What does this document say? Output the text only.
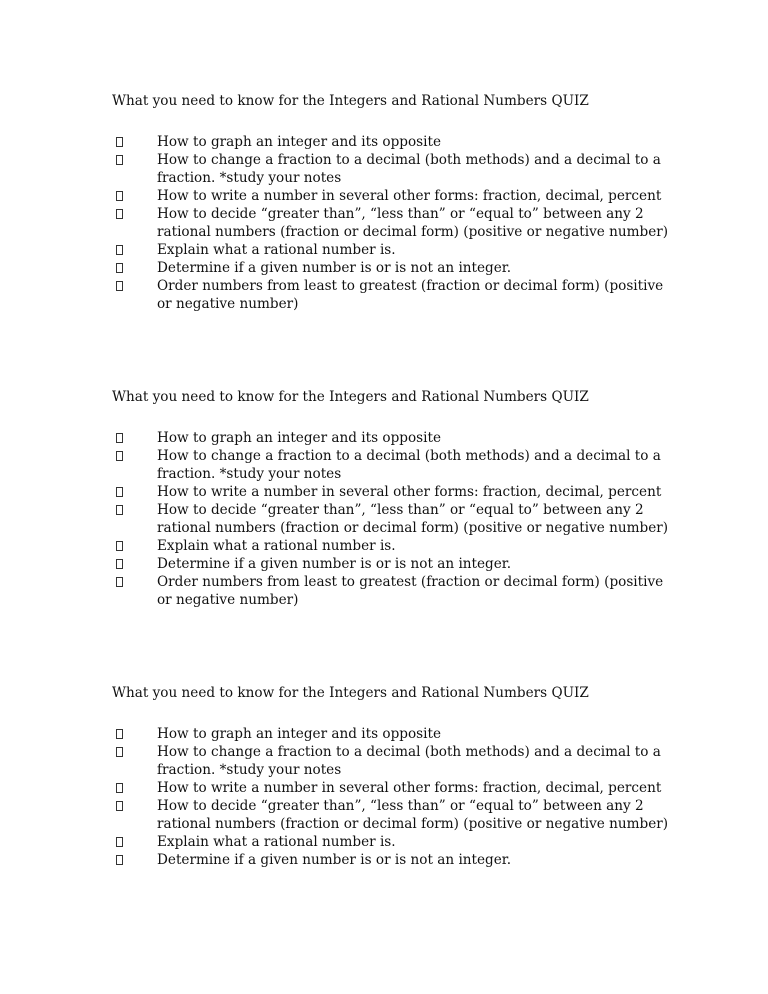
What you need to know for the Integers and Rational Numbers QUIZ

How to graph an integer and its opposite
How to change a fraction to a decimal (both methods) and a decimal to a fraction. *study your notes
How to write a number in several other forms: fraction, decimal, percent
How to decide “greater than”, “less than” or “equal to” between any 2 rational numbers (fraction or decimal form) (positive or negative number)
Explain what a rational number is.
Determine if a given number is or is not an integer.
Order numbers from least to greatest (fraction or decimal form) (positive or negative number)

What you need to know for the Integers and Rational Numbers QUIZ

How to graph an integer and its opposite
How to change a fraction to a decimal (both methods) and a decimal to a fraction. *study your notes
How to write a number in several other forms: fraction, decimal, percent
How to decide “greater than”, “less than” or “equal to” between any 2 rational numbers (fraction or decimal form) (positive or negative number)
Explain what a rational number is.
Determine if a given number is or is not an integer.
Order numbers from least to greatest (fraction or decimal form) (positive or negative number)

What you need to know for the Integers and Rational Numbers QUIZ

How to graph an integer and its opposite
How to change a fraction to a decimal (both methods) and a decimal to a fraction. *study your notes
How to write a number in several other forms: fraction, decimal, percent
How to decide “greater than”, “less than” or “equal to” between any 2 rational numbers (fraction or decimal form) (positive or negative number)
Explain what a rational number is.
Determine if a given number is or is not an integer.
